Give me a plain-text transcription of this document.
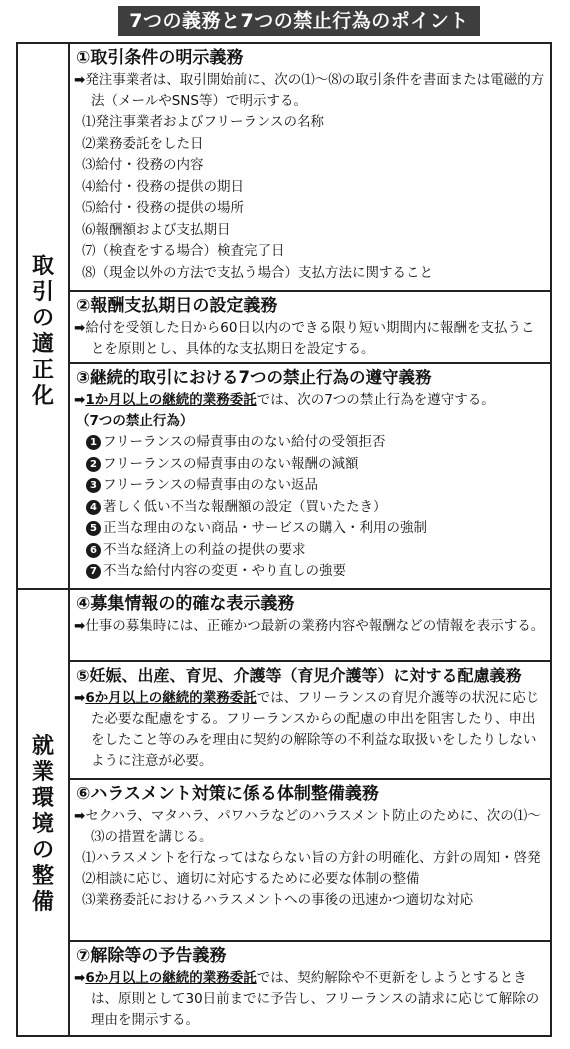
7つの義務と7つの禁止行為のポイント
取
引
の
適
正
化
就
業
環
境
の
整
備
①取引条件の明示義務

➡発注事業者は、取引開始前に、次の⑴〜⑻の取引条件を書面または電磁的方法（メールやSNS等）で明示する。

⑴発注事業者およびフリーランスの名称
⑵業務委託をした日
⑶給付・役務の内容
⑷給付・役務の提供の期日
⑸給付・役務の提供の場所
⑹報酬額および支払期日
⑺（検査をする場合）検査完了日
⑻（現金以外の方法で支払う場合）支払方法に関すること
②報酬支払期日の設定義務

➡給付を受領した日から60日以内のできる限り短い期間内に報酬を支払うことを原則とし、具体的な支払期日を設定する。

③継続的取引における7つの禁止行為の遵守義務

➡1か月以上の継続的業務委託では、次の7つの禁止行為を遵守する。

（7つの禁止行為）
1 フリーランスの帰責事由のない給付の受領拒否
2 フリーランスの帰責事由のない報酬の減額
3 フリーランスの帰責事由のない返品
4 著しく低い不当な報酬額の設定（買いたたき）
5 正当な理由のない商品・サービスの購入・利用の強制
6 不当な経済上の利益の提供の要求
7 不当な給付内容の変更・やり直しの強要
④募集情報の的確な表示義務

➡仕事の募集時には、正確かつ最新の業務内容や報酬などの情報を表示する。

⑤妊娠、出産、育児、介護等（育児介護等）に対する配慮義務

➡6か月以上の継続的業務委託では、フリーランスの育児介護等の状況に応じた必要な配慮をする。フリーランスからの配慮の申出を阻害したり、申出をしたこと等のみを理由に契約の解除等の不利益な取扱いをしたりしないように注意が必要。

⑥ハラスメント対策に係る体制整備義務

➡セクハラ、マタハラ、パワハラなどのハラスメント防止のために、次の⑴〜⑶の措置を講じる。

⑴ハラスメントを行なってはならない旨の方針の明確化、方針の周知・啓発
⑵相談に応じ、適切に対応するために必要な体制の整備
⑶業務委託におけるハラスメントへの事後の迅速かつ適切な対応
⑦解除等の予告義務

➡6か月以上の継続的業務委託では、契約解除や不更新をしようとするときは、原則として30日前までに予告し、フリーランスの請求に応じて解除の理由を開示する。
